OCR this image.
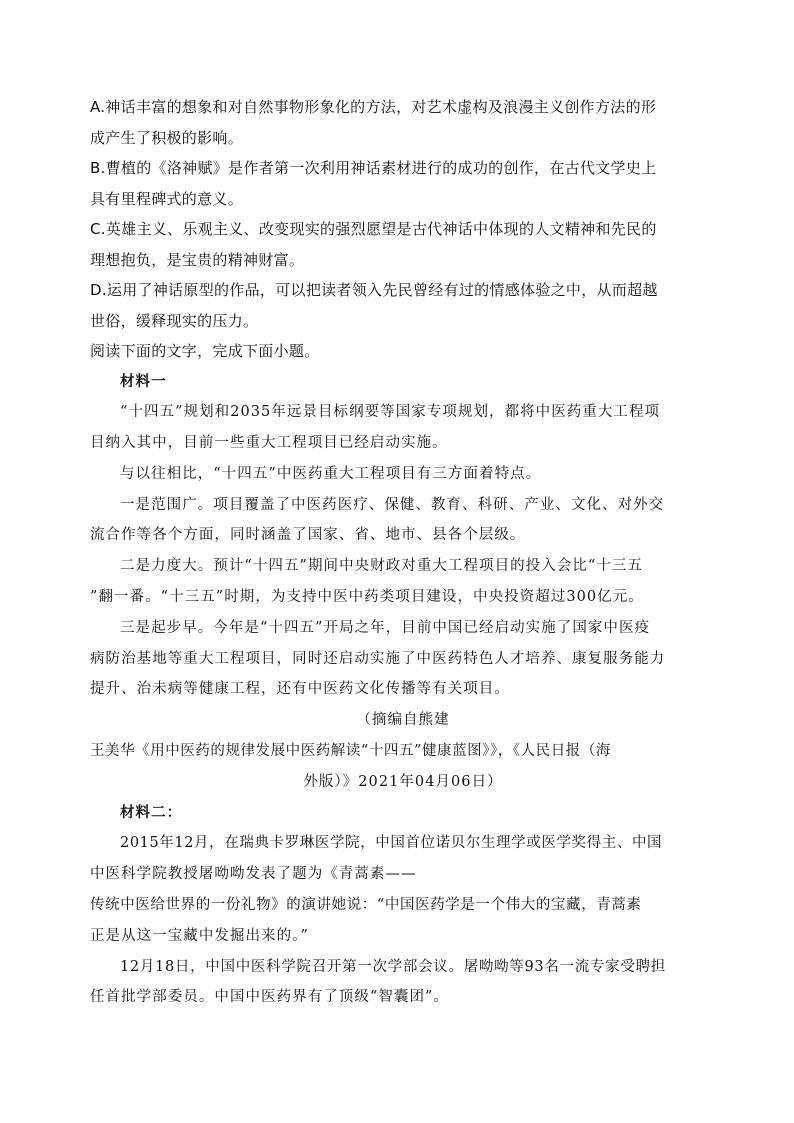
A.神话丰富的想象和对自然事物形象化的方法，对艺术虚构及浪漫主义创作方法的形
成产生了积极的影响。
B.曹植的《洛神赋》是作者第一次利用神话素材进行的成功的创作，在古代文学史上
具有里程碑式的意义。
C.英雄主义、乐观主义、改变现实的强烈愿望是古代神话中体现的人文精神和先民的
理想抱负，是宝贵的精神财富。
D.运用了神话原型的作品，可以把读者领入先民曾经有过的情感体验之中，从而超越
世俗，缓释现实的压力。
阅读下面的文字，完成下面小题。
材料一
“十四五”规划和2035年远景目标纲要等国家专项规划，都将中医药重大工程项
目纳入其中，目前一些重大工程项目已经启动实施。
与以往相比，“十四五”中医药重大工程项目有三方面着特点。
一是范围广。项目覆盖了中医药医疗、保健、教育、科研、产业、文化、对外交
流合作等各个方面，同时涵盖了国家、省、地市、县各个层级。
二是力度大。预计“十四五”期间中央财政对重大工程项目的投入会比“十三五
”翻一番。“十三五”时期，为支持中医中药类项目建设，中央投资超过300亿元。
三是起步早。今年是“十四五”开局之年，目前中国已经启动实施了国家中医疫
病防治基地等重大工程项目，同时还启动实施了中医药特色人才培养、康复服务能力
提升、治未病等健康工程，还有中医药文化传播等有关项目。
（摘编自熊建
王美华《用中医药的规律发展中医药解读“十四五”健康蓝图》》，《人民日报（海
外版）》2021年04月06日）
材料二：
2015年12月，在瑞典卡罗琳医学院，中国首位诺贝尔生理学或医学奖得主、中国
中医科学院教授屠呦呦发表了题为《青蒿素——
传统中医给世界的一份礼物》的演讲她说：“中国医药学是一个伟大的宝藏，青蒿素
正是从这一宝藏中发掘出来的。”
12月18日，中国中医科学院召开第一次学部会议。屠呦呦等93名一流专家受聘担
任首批学部委员。中国中医药界有了顶级“智囊团”。
